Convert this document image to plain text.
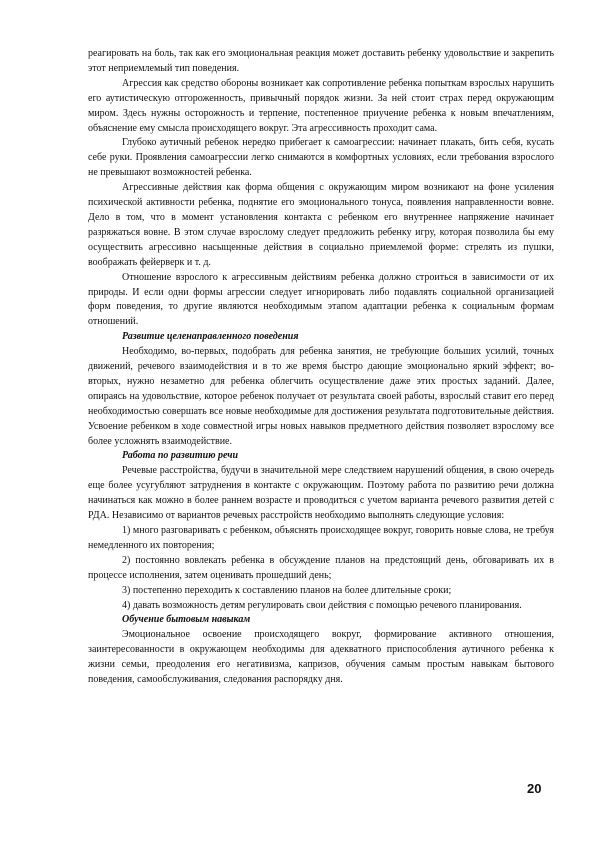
реагировать на боль, так как его эмоциональная реакция может доставить ребенку удовольствие и закрепить этот неприемлемый тип поведения.

Агрессия как средство обороны возникает как сопротивление ребенка попыткам взрослых нарушить его аутистическую отгороженность, привычный порядок жизни. За ней стоит страх перед окружающим миром. Здесь нужны осторожность и терпение, постепенное приучение ребенка к новым впечатлениям, объяснение ему смысла происходящего вокруг. Эта агрессивность проходит сама.

Глубоко аутичный ребенок нередко прибегает к самоагрессии: начинает плакать, бить себя, кусать себе руки. Проявления самоагрессии легко снимаются в комфортных условиях, если требования взрослого не превышают возможностей ребенка.

Агрессивные действия как форма общения с окружающим миром возникают на фоне усиления психической активности ребенка, поднятие его эмоционального тонуса, появления направленности вовне. Дело в том, что в момент установления контакта с ребенком его внутреннее напряжение начинает разряжаться вовне. В этом случае взрослому следует предложить ребенку игру, которая позволила бы ему осуществить агрессивно насыщенные действия в социально приемлемой форме: стрелять из пушки, воображать фейерверк и т. д.

Отношение взрослого к агрессивным действиям ребенка должно строиться в зависимости от их природы. И если одни формы агрессии следует игнорировать либо подавлять социальной организацией форм поведения, то другие являются необходимым этапом адаптации ребенка к социальным формам отношений.

Развитие целенаправленного поведения

Необходимо, во-первых, подобрать для ребенка занятия, не требующие больших усилий, точных движений, речевого взаимодействия и в то же время быстро дающие эмоционально яркий эффект; во-вторых, нужно незаметно для ребенка облегчить осуществление даже этих простых заданий. Далее, опираясь на удовольствие, которое ребенок получает от результата своей работы, взрослый ставит его перед необходимостью совершать все новые необходимые для достижения результата подготовительные действия. Усвоение ребенком в ходе совместной игры новых навыков предметного действия позволяет взрослому все более усложнять взаимодействие.

Работа по развитию речи

Речевые расстройства, будучи в значительной мере следствием нарушений общения, в свою очередь еще более усугубляют затруднения в контакте с окружающим. Поэтому работа по развитию речи должна начинаться как можно в более раннем возрасте и проводиться с учетом варианта речевого развития детей с РДА. Независимо от вариантов речевых расстройств необходимо выполнять следующие условия:

1) много разговаривать с ребенком, объяснять происходящее вокруг, говорить новые слова, не требуя немедленного их повторения;

2) постоянно вовлекать ребенка в обсуждение планов на предстоящий день, обговаривать их в процессе исполнения, затем оценивать прошедший день;

3) постепенно переходить к составлению планов на более длительные сроки;

4) давать возможность детям регулировать свои действия с помощью речевого планирования.

Обучение бытовым навыкам

Эмоциональное освоение происходящего вокруг, формирование активного отношения, заинтересованности в окружающем необходимы для адекватного приспособления аутичного ребенка к жизни семьи, преодоления его негативизма, капризов, обучения самым простым навыкам бытового поведения, самообслуживания, следования распорядку дня.

20
